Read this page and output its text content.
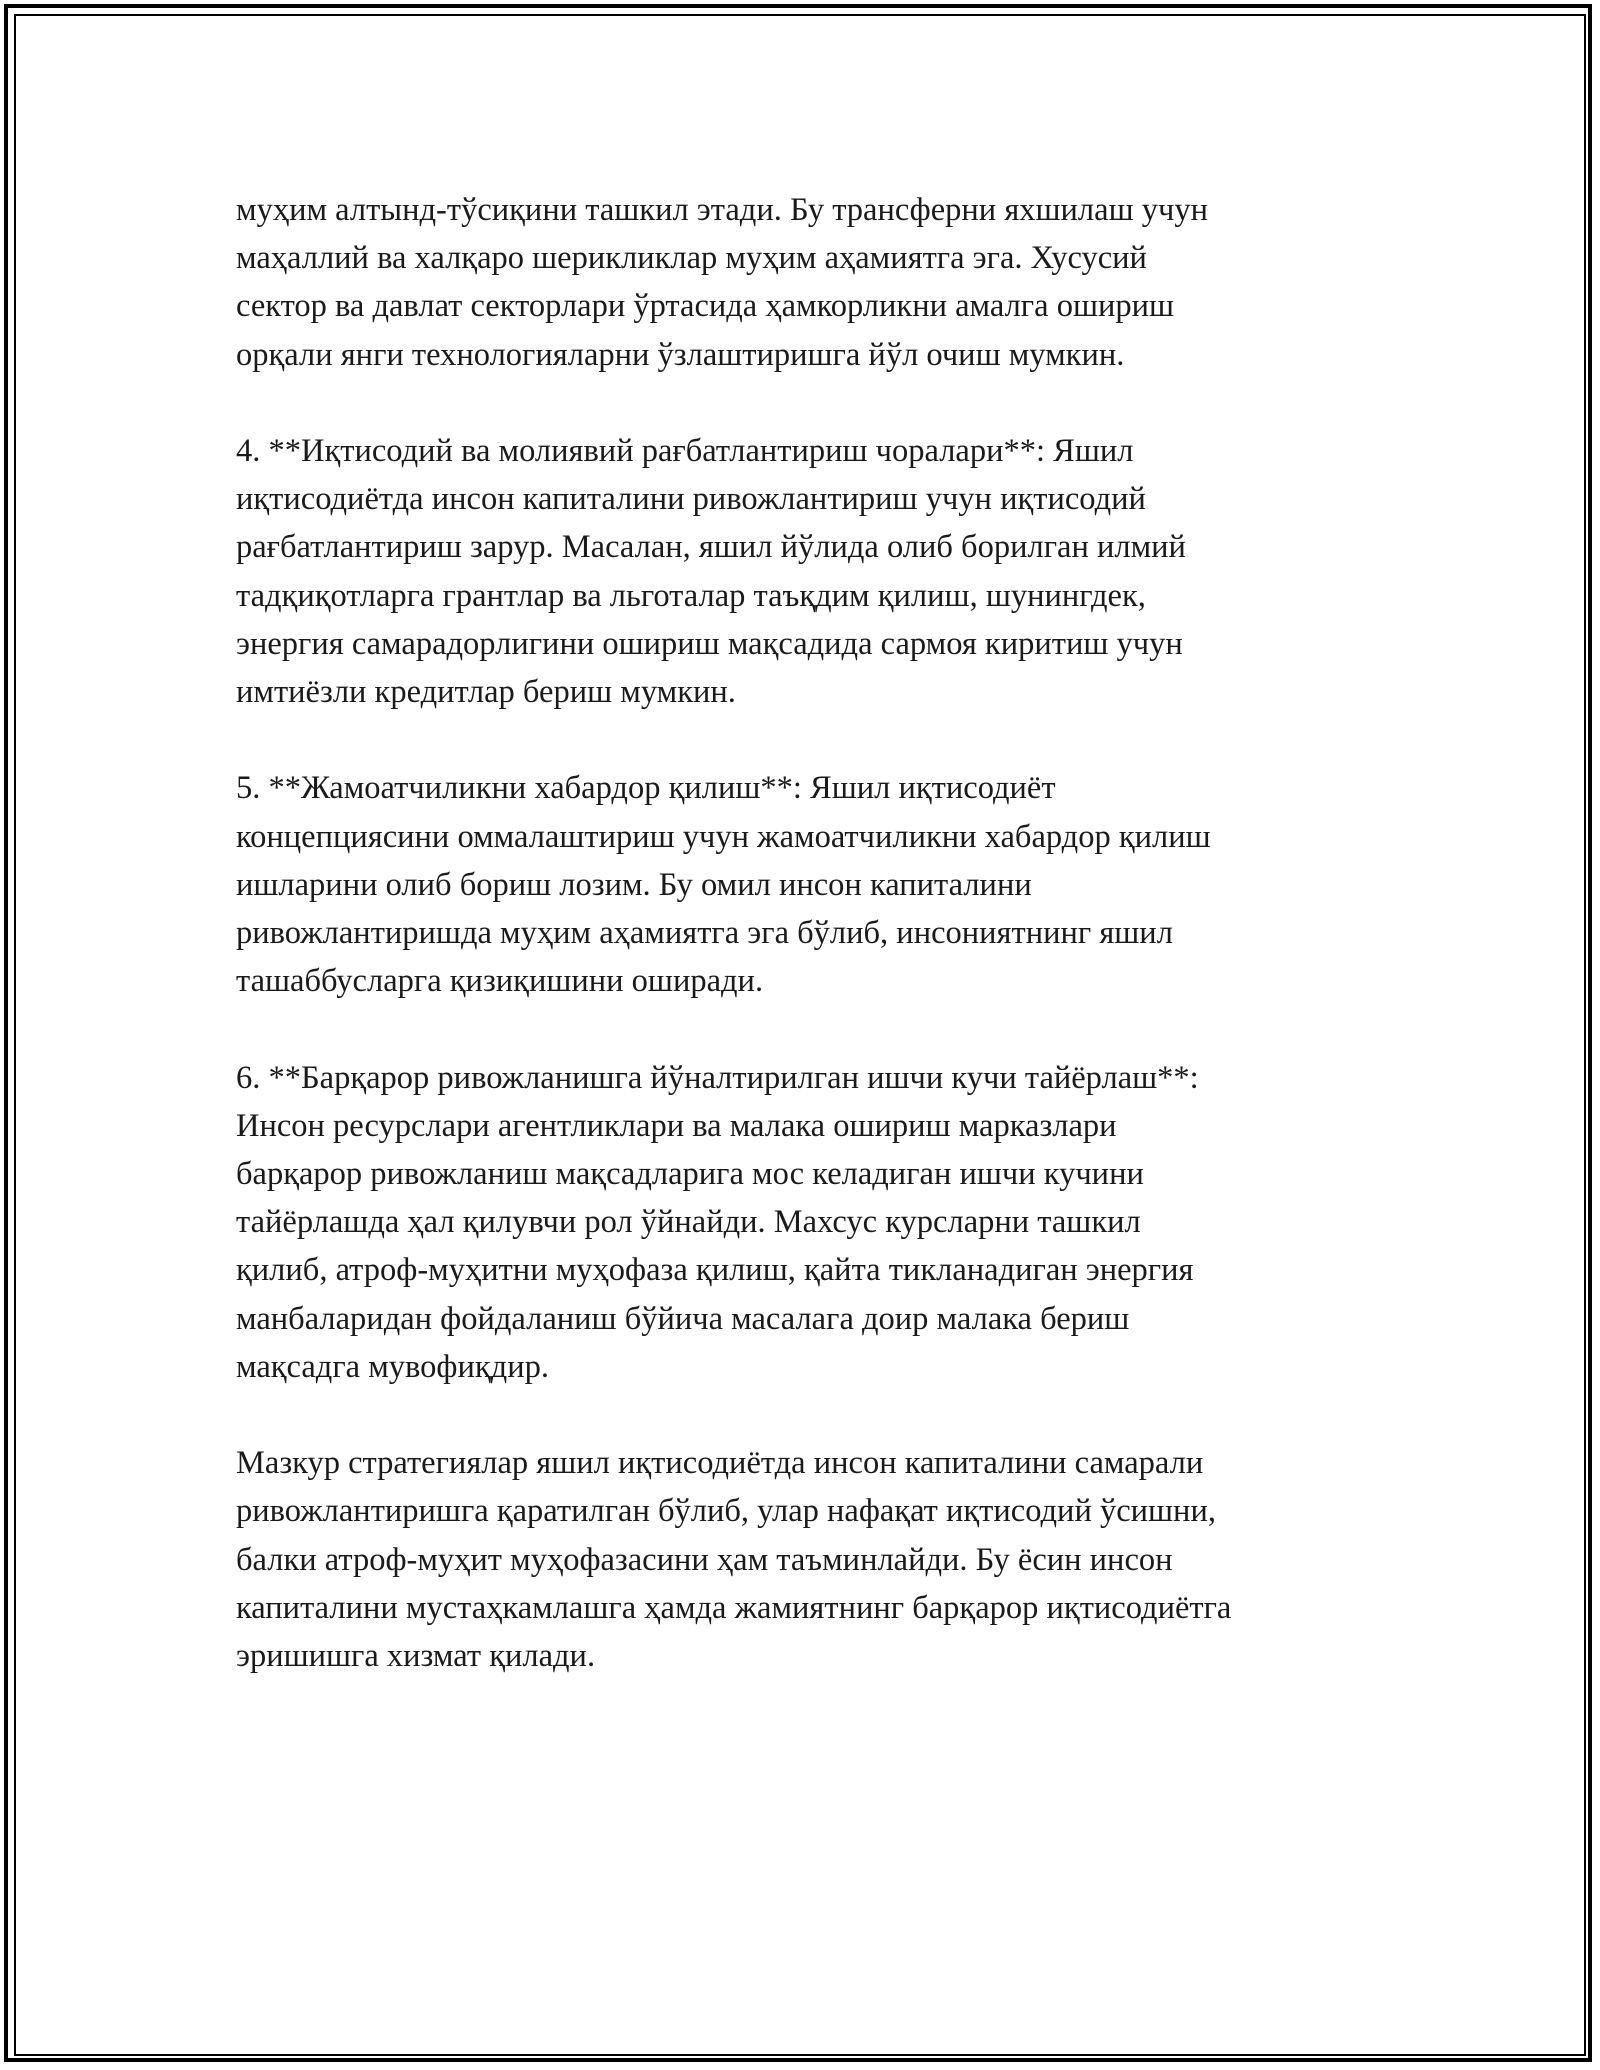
муҳим алтынд-тўсиқини ташкил этади. Бу трансферни яхшилаш учун
маҳаллий ва халқаро шерикликлар муҳим аҳамиятга эга. Хусусий
сектор ва давлат секторлари ўртасида ҳамкорликни амалга ошириш
орқали янги технологияларни ўзлаштиришга йўл очиш мумкин.

4. **Иқтисодий ва молиявий рағбатлантириш чоралари**: Яшил
иқтисодиётда инсон капиталини ривожлантириш учун иқтисодий
рағбатлантириш зарур. Масалан, яшил йўлида олиб борилган илмий
тадқиқотларга грантлар ва льготалар таъқдим қилиш, шунингдек,
энергия самарадорлигини ошириш мақсадида сармоя киритиш учун
имтиёзли кредитлар бериш мумкин.

5. **Жамоатчиликни хабардор қилиш**: Яшил иқтисодиёт
концепциясини оммалаштириш учун жамоатчиликни хабардор қилиш
ишларини олиб бориш лозим. Бу омил инсон капиталини
ривожлантиришда муҳим аҳамиятга эга бўлиб, инсониятнинг яшил
ташаббусларга қизиқишини оширади.

6. **Барқарор ривожланишга йўналтирилган ишчи кучи тайёрлаш**:
Инсон ресурслари агентликлари ва малака ошириш марказлари
барқарор ривожланиш мақсадларига мос келадиган ишчи кучини
тайёрлашда ҳал қилувчи рол ўйнайди. Махсус курсларни ташкил
қилиб, атроф-муҳитни муҳофаза қилиш, қайта тикланадиган энергия
манбаларидан фойдаланиш бўйича масалага доир малака бериш
мақсадга мувофиқдир.

Мазкур стратегиялар яшил иқтисодиётда инсон капиталини самарали
ривожлантиришга қаратилган бўлиб, улар нафақат иқтисодий ўсишни,
балки атроф-муҳит муҳофазасини ҳам таъминлайди. Бу ёсин инсон
капиталини мустаҳкамлашга ҳамда жамиятнинг барқарор иқтисодиётга
эришишга хизмат қилади.
